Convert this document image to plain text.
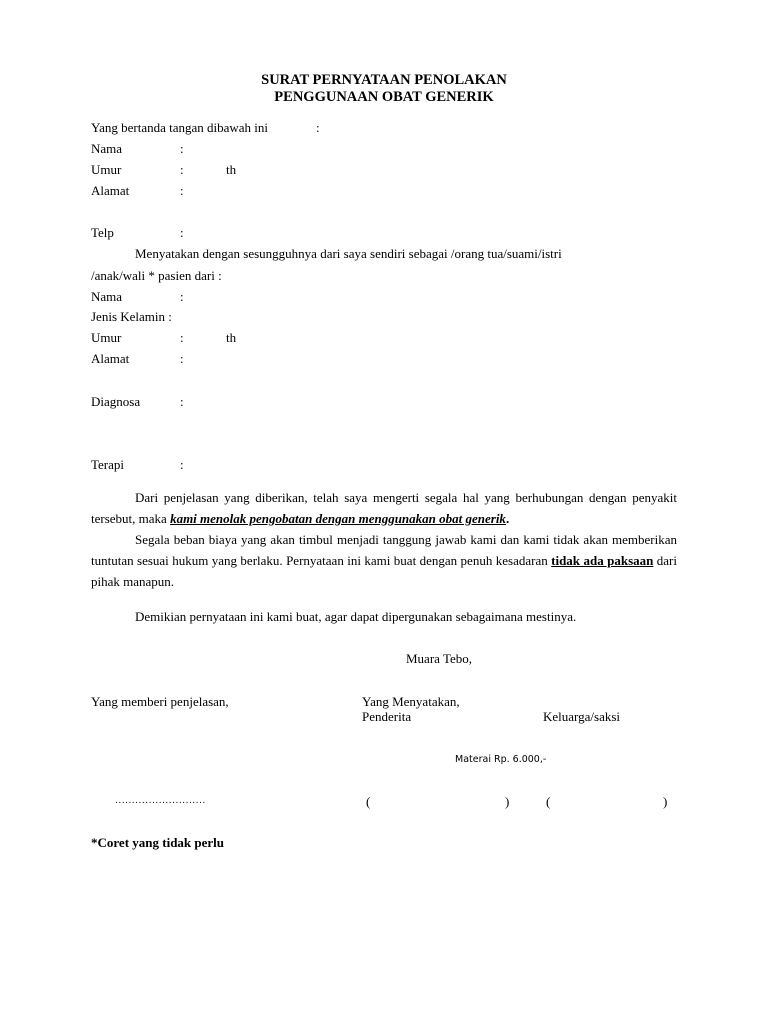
SURAT PERNYATAAN PENOLAKAN
PENGGUNAAN OBAT GENERIK
Yang bertanda tangan dibawah ini	:
Nama	:
Umur	:	th
Alamat	:
Telp	:
Menyatakan dengan sesungguhnya dari saya sendiri sebagai /orang tua/suami/istri
/anak/wali * pasien dari :
Nama	:
Jenis Kelamin :
Umur	:	th
Alamat	:
Diagnosa	:
Terapi	:
Dari penjelasan yang diberikan, telah saya mengerti segala hal yang berhubungan dengan penyakit tersebut, maka kami menolak pengobatan dengan menggunakan obat generik.
Segala beban biaya yang akan timbul menjadi tanggung jawab kami dan kami tidak akan memberikan tuntutan sesuai hukum yang berlaku. Pernyataan ini kami buat dengan penuh kesadaran tidak ada paksaan dari pihak manapun.
Demikian pernyataan ini kami buat, agar dapat dipergunakan sebagaimana mestinya.
Muara Tebo,
Yang memberi penjelasan,	Yang Menyatakan,
Penderita	Keluarga/saksi
Materai Rp. 6.000,-
...........................	(	)	(	)
*Coret yang tidak perlu
